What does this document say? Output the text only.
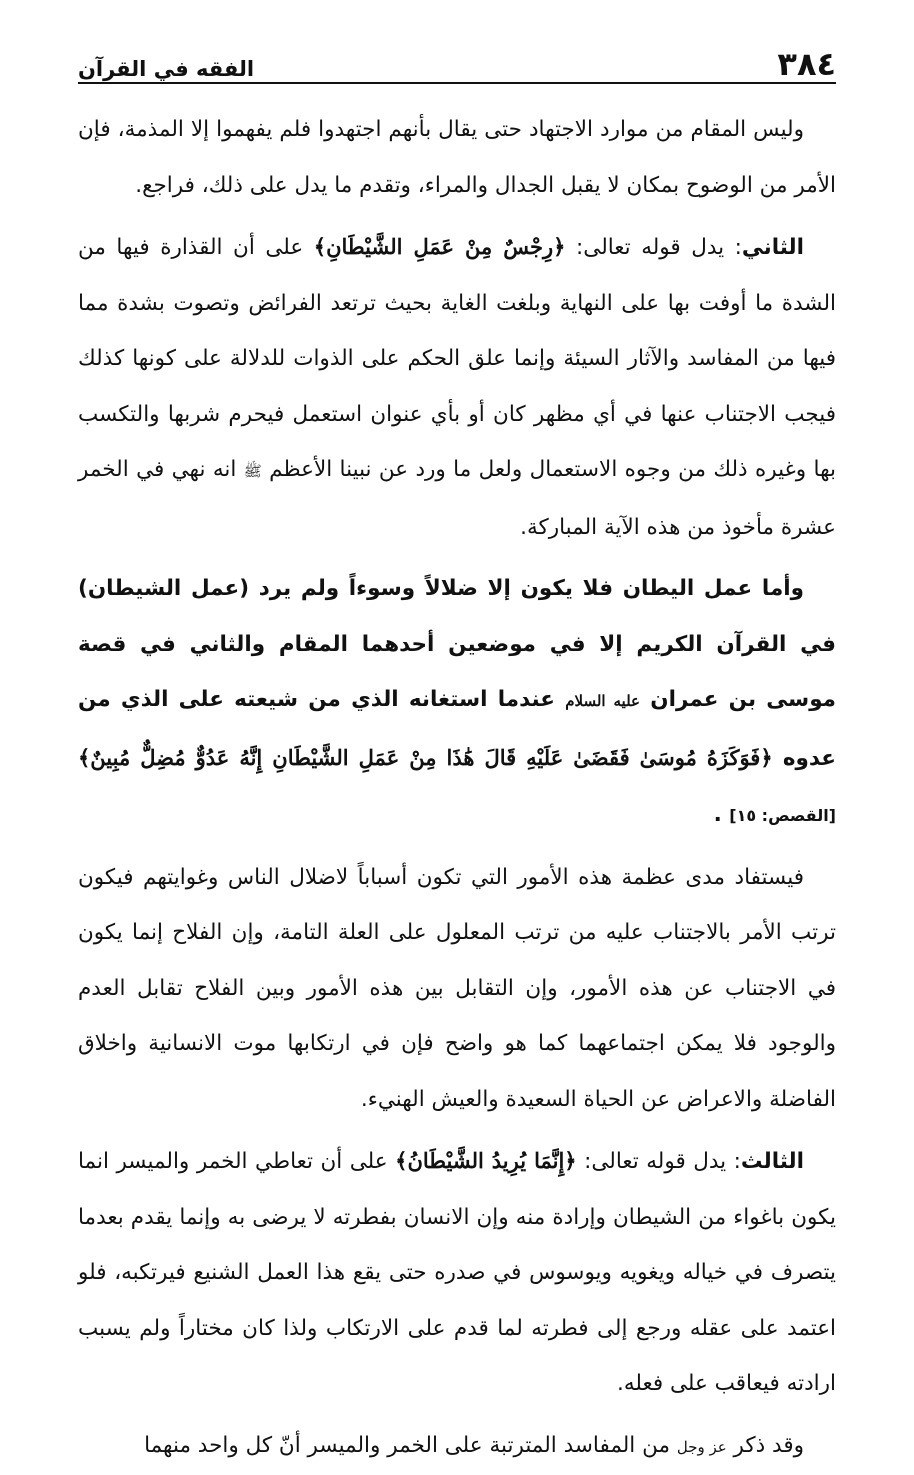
٣٨٤
الفقه في القرآن

وليس المقام من موارد الاجتهاد حتى يقال بأنهم اجتهدوا فلم يفهموا إلا المذمة، فإن الأمر من الوضوح بمكان لا يقبل الجدال والمراء، وتقدم ما يدل على ذلك، فراجع.

الثاني: يدل قوله تعالى: ﴿رِجْسٌ مِنْ عَمَلِ الشَّيْطَانِ﴾ على أن القذارة فيها من الشدة ما أوفت بها على النهاية وبلغت الغاية بحيث ترتعد الفرائض وتصوت بشدة مما فيها من المفاسد والآثار السيئة وإنما علق الحكم على الذوات للدلالة على كونها كذلك فيجب الاجتناب عنها في أي مظهر كان أو بأي عنوان استعمل فيحرم شربها والتكسب بها وغيره ذلك من وجوه الاستعمال ولعل ما ورد عن نبينا الأعظم ﷺ انه نهي في الخمر عشرة مأخوذ من هذه الآية المباركة.

وأما عمل اليطان فلا يكون إلا ضلالاً وسوءاً ولم يرد (عمل الشيطان) في القرآن الكريم إلا في موضعين أحدهما المقام والثاني في قصة موسى بن عمران عليه السلام عندما استغانه الذي من شيعته على الذي من عدوه ﴿فَوَكَزَهُ مُوسَىٰ فَقَضَىٰ عَلَيْهِ قَالَ هَٰذَا مِنْ عَمَلِ الشَّيْطَانِ إِنَّهُ عَدُوٌّ مُضِلٌّ مُبِينٌ﴾ [القصص: ١٥] .

فيستفاد مدى عظمة هذه الأمور التي تكون أسباباً لاضلال الناس وغوايتهم فيكون ترتب الأمر بالاجتناب عليه من ترتب المعلول على العلة التامة، وإن الفلاح إنما يكون في الاجتناب عن هذه الأمور، وإن التقابل بين هذه الأمور وبين الفلاح تقابل العدم والوجود فلا يمكن اجتماعهما كما هو واضح فإن في ارتكابها موت الانسانية واخلاق الفاضلة والاعراض عن الحياة السعيدة والعيش الهنيء.

الثالث: يدل قوله تعالى: ﴿إِنَّمَا يُرِيدُ الشَّيْطَانُ﴾ على أن تعاطي الخمر والميسر انما يكون باغواء من الشيطان وإرادة منه وإن الانسان بفطرته لا يرضى به وإنما يقدم بعدما يتصرف في خياله ويغويه ويوسوس في صدره حتى يقع هذا العمل الشنيع فيرتكبه، فلو اعتمد على عقله ورجع إلى فطرته لما قدم على الارتكاب ولذا كان مختاراً ولم يسبب ارادته فيعاقب على فعله.

وقد ذكر عز وجل من المفاسد المترتبة على الخمر والميسر أنّ كل واحد منهما
